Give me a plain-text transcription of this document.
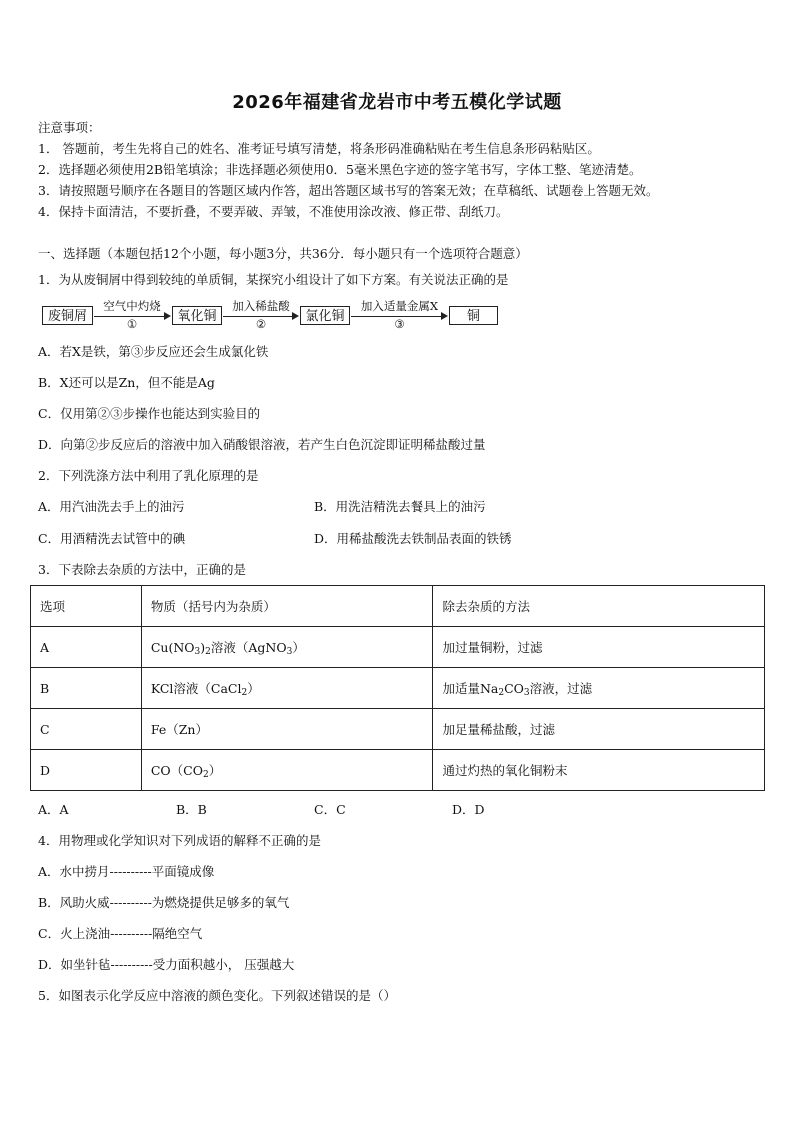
2026年福建省龙岩市中考五模化学试题
注意事项：
1． 答题前，考生先将自己的姓名、准考证号填写清楚，将条形码准确粘贴在考生信息条形码粘贴区。
2．选择题必须使用2B铅笔填涂；非选择题必须使用0．5毫米黑色字迹的签字笔书写，字体工整、笔迹清楚。
3．请按照题号顺序在各题目的答题区域内作答，超出答题区域书写的答案无效；在草稿纸、试题卷上答题无效。
4．保持卡面清洁，不要折叠，不要弄破、弄皱，不准使用涂改液、修正带、刮纸刀。
一、选择题（本题包括12个小题，每小题3分，共36分．每小题只有一个选项符合题意）
1．为从废铜屑中得到较纯的单质铜，某探究小组设计了如下方案。有关说法正确的是
废铜屑
空气中灼烧
①	氧化铜
加入稀盐酸
②	氯化铜
加入适量金属X
③	铜
A．若X是铁，第③步反应还会生成氯化铁
B．X还可以是Zn，但不能是Ag
C．仅用第②③步操作也能达到实验目的
D．向第②步反应后的溶液中加入硝酸银溶液，若产生白色沉淀即证明稀盐酸过量
2．下列洗涤方法中利用了乳化原理的是
A．用汽油洗去手上的油污	B．用洗洁精洗去餐具上的油污
C．用酒精洗去试管中的碘	D．用稀盐酸洗去铁制品表面的铁锈
3．下表除去杂质的方法中，正确的是
选项	物质（括号内为杂质）	除去杂质的方法
A	$Cu(NO_3)_2$溶液（AgNO$_3$）	加过量铜粉，过滤
B	KCl溶液（CaCl$_2$）	加适量$Na_2CO_3$溶液，过滤
C	Fe（Zn）	加足量稀盐酸，过滤
D	$CO(CO_2)$	通过灼热的氧化铜粉末
A．A	B．B	C．C	D．D
4．用物理或化学知识对下列成语的解释不正确的是
A．水中捞月----------平面镜成像
B．风助火威----------为燃烧提供足够多的氧气
C．火上浇油----------隔绝空气
D．如坐针毡----------受力面积越小， 压强越大
5．如图表示化学反应中溶液的颜色变化。下列叙述错误的是（）
